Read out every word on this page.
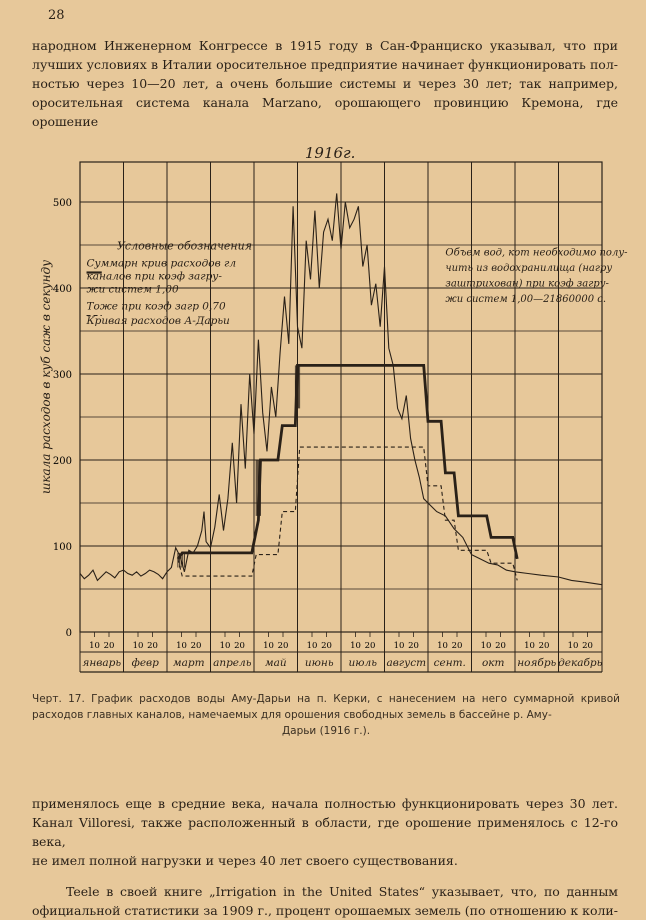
28

народном Инженерном Конгрессе в 1915 году в Сан-Франциско указывал, что при

лучших условиях в Италии оросительное предприятие начинает функционировать пол-

ностью через 10—20 лет, а очень большие системы и через 30 лет; так например,

оросительная система канала Marzano, орошающего провинцию Кремона, где орошение

0
100
200
300
400
500
1916г.
10 20
январь
10 20
февр
10 20
март
10 20
апрель
10 20
май
10 20
июнь
10 20
июль
10 20
август
10 20
сент.
10 20
окт
10 20
ноябрь
10 20
декабрь
шкала расходов в куб саж в секунду
Условные обозначения
Суммарн крив расходов гл
каналов при коэф загру-
жи систем 1,00
Тоже при коэф загр 0,70
Кривая расходов А-Дарьи
Объем вод, кот необходимо полу-
чить из водохранилища (нагру
заштрихован) при коэф загру-
жи систем 1,00—21860000 с.
Черт. 17. График расходов воды Аму-Дарьи на п. Керки, с нанесением на него суммарной кривой расходов главных каналов, намечаемых для орошения свободных земель в бассейне р. Аму-
Дарьи (1916 г.).

применялось еще в средние века, начала полностью функционировать через 30 лет.

Канал Villoresi, также расположенный в области, где орошение применялось с 12-го века,

не имел полной нагрузки и через 40 лет своего существования.

Teele в своей книге „Irrigation in the United States“ указывает, что, по данным

официальной статистики за 1909 г., процент орошаемых земель (по отношению к коли-
